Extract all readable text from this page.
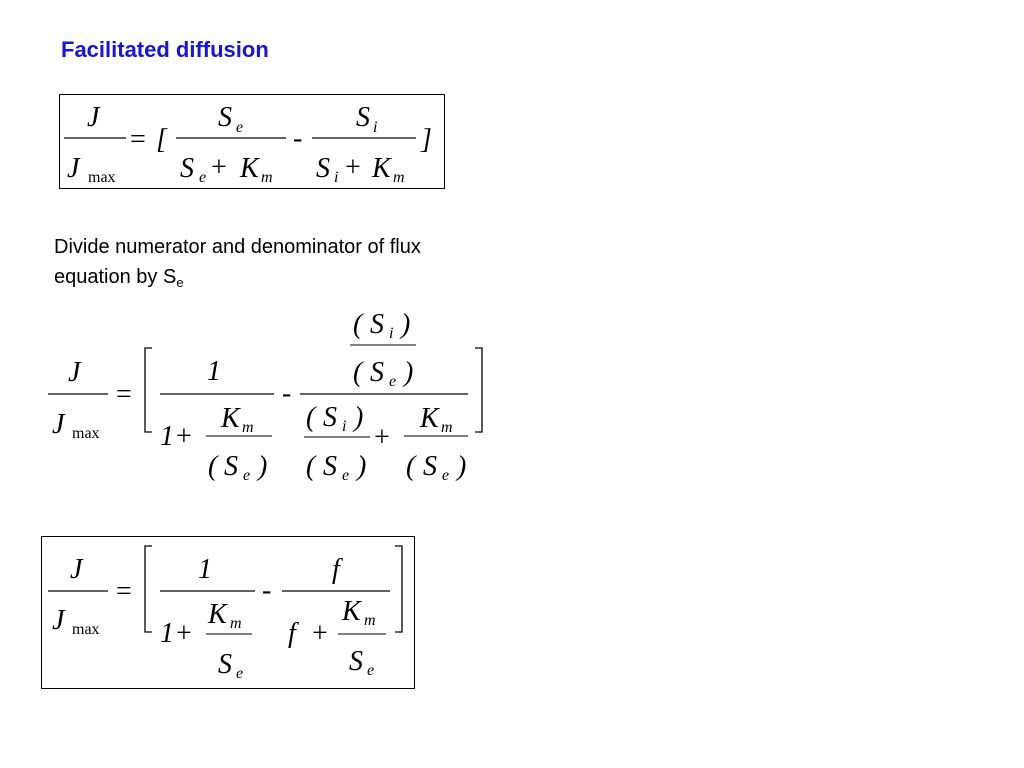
Facilitated diffusion
J
J max
= [
S e
S e + K m
-
S i
S i + K m
]
Divide numerator and denominator of flux
equation by $S_e$
J
J max
=
1
1 +
K m
( S e )
-
( S i )
( S e )
( S i )
( S e )
+
K m
( S e )
J
J max
=
1
1 +
K m
S e
-
f
f +
K m
S e
